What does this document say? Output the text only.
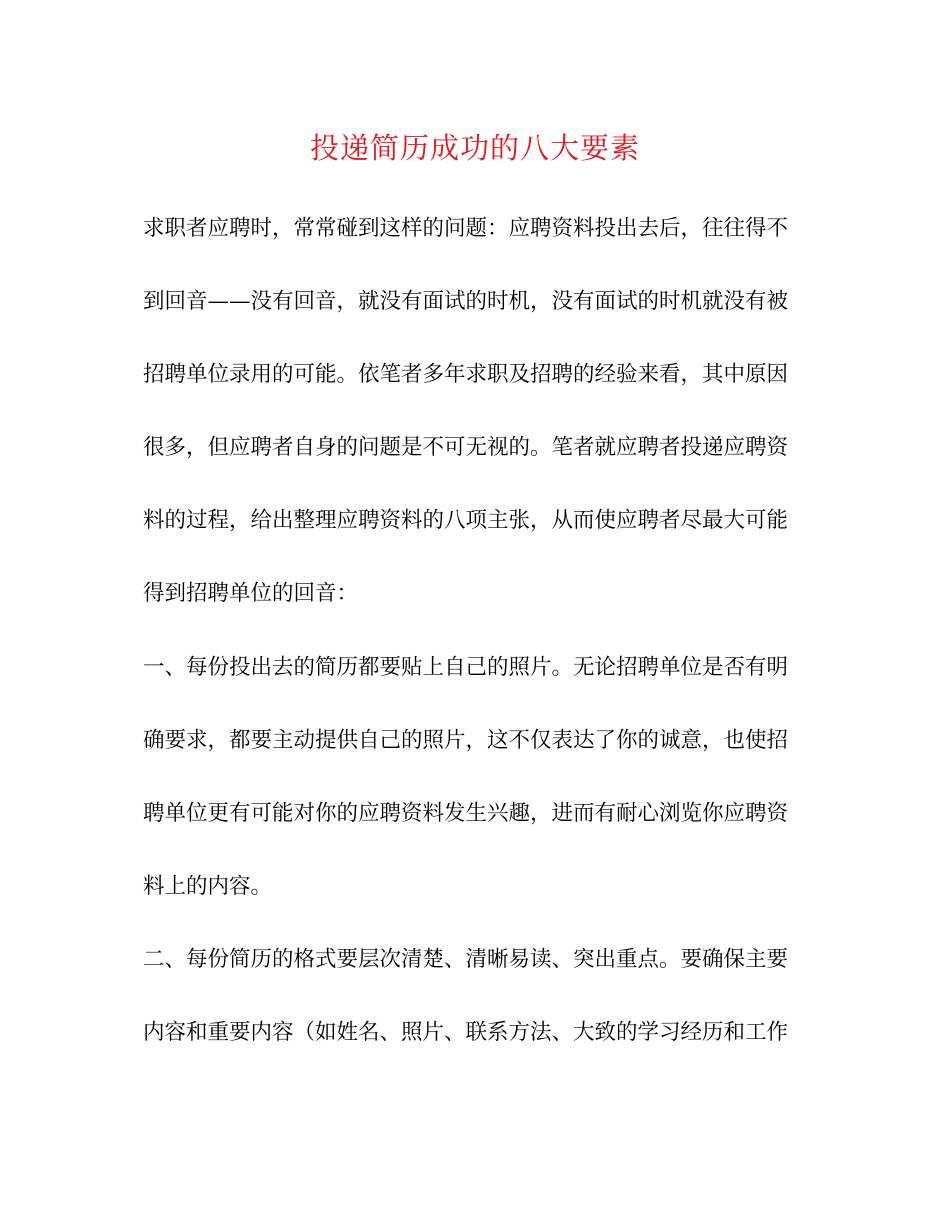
投递简历成功的八大要素
求职者应聘时，常常碰到这样的问题：应聘资料投出去后，往往得不
到回音——没有回音，就没有面试的时机，没有面试的时机就没有被
招聘单位录用的可能。依笔者多年求职及招聘的经验来看，其中原因
很多，但应聘者自身的问题是不可无视的。笔者就应聘者投递应聘资
料的过程，给出整理应聘资料的八项主张，从而使应聘者尽最大可能
得到招聘单位的回音：
一、每份投出去的简历都要贴上自己的照片。无论招聘单位是否有明
确要求，都要主动提供自己的照片，这不仅表达了你的诚意，也使招
聘单位更有可能对你的应聘资料发生兴趣，进而有耐心浏览你应聘资
料上的内容。
二、每份简历的格式要层次清楚、清晰易读、突出重点。要确保主要
内容和重要内容（如姓名、照片、联系方法、大致的学习经历和工作
